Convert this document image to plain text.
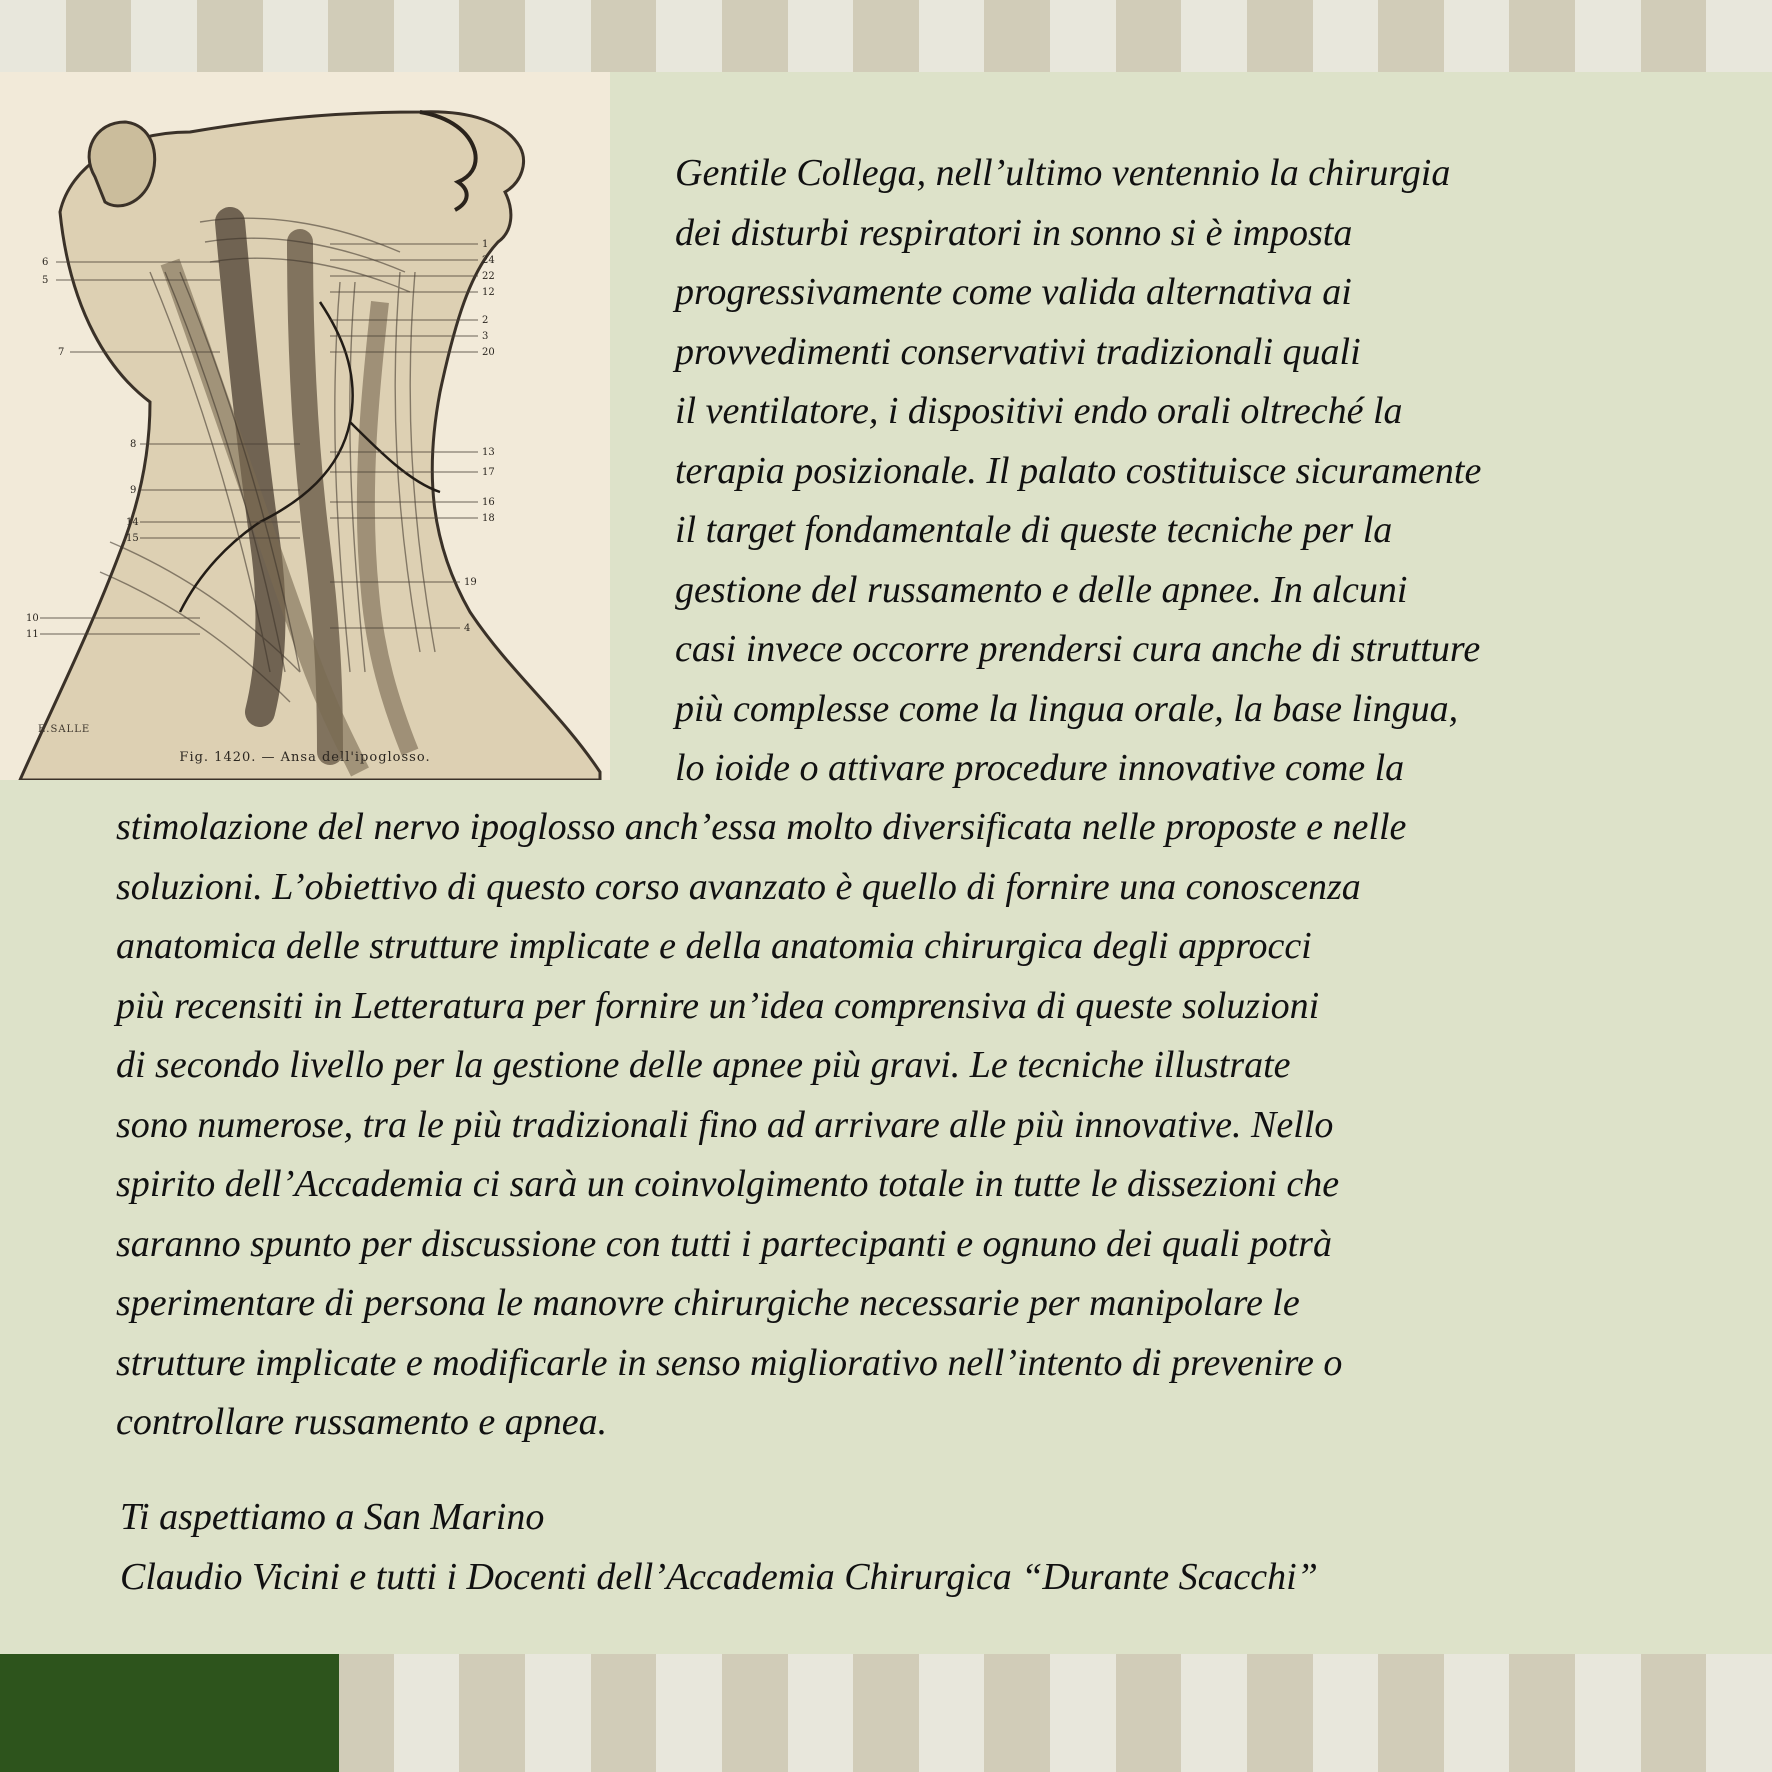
6
5
7
8
9
14
15
10
11
1
24
22
12
2
3
20
13
17
16
18
19
4
E.SALLE
Fig. 1420. — Ansa dell'ipoglosso.

Gentile Collega, nell’ultimo ventennio la chirurgia

dei disturbi respiratori in sonno si è imposta

progressivamente come valida alternativa ai

provvedimenti conservativi tradizionali quali

il ventilatore, i dispositivi endo orali oltreché la

terapia posizionale. Il palato costituisce sicuramente

il target fondamentale di queste tecniche per la

gestione del russamento e delle apnee. In alcuni

casi invece occorre prendersi cura anche di strutture

più complesse come la lingua orale, la base lingua,

lo ioide o attivare procedure innovative come la

stimolazione del nervo ipoglosso anch’essa molto diversificata nelle proposte e nelle

soluzioni. L’obiettivo di questo corso avanzato è quello di fornire una conoscenza

anatomica delle strutture implicate e della anatomia chirurgica degli approcci

più recensiti in Letteratura per fornire un’idea comprensiva di queste soluzioni

di secondo livello per la gestione delle apnee più gravi. Le tecniche illustrate

sono numerose, tra le più tradizionali fino ad arrivare alle più innovative. Nello

spirito dell’Accademia ci sarà un coinvolgimento totale in tutte le dissezioni che

saranno spunto per discussione con tutti i partecipanti e ognuno dei quali potrà

sperimentare di persona le manovre chirurgiche necessarie per manipolare le

strutture implicate e modificarle in senso migliorativo nell’intento di prevenire o

controllare russamento e apnea.

Ti aspettiamo a San Marino

Claudio Vicini e tutti i Docenti dell’Accademia Chirurgica “Durante Scacchi”
